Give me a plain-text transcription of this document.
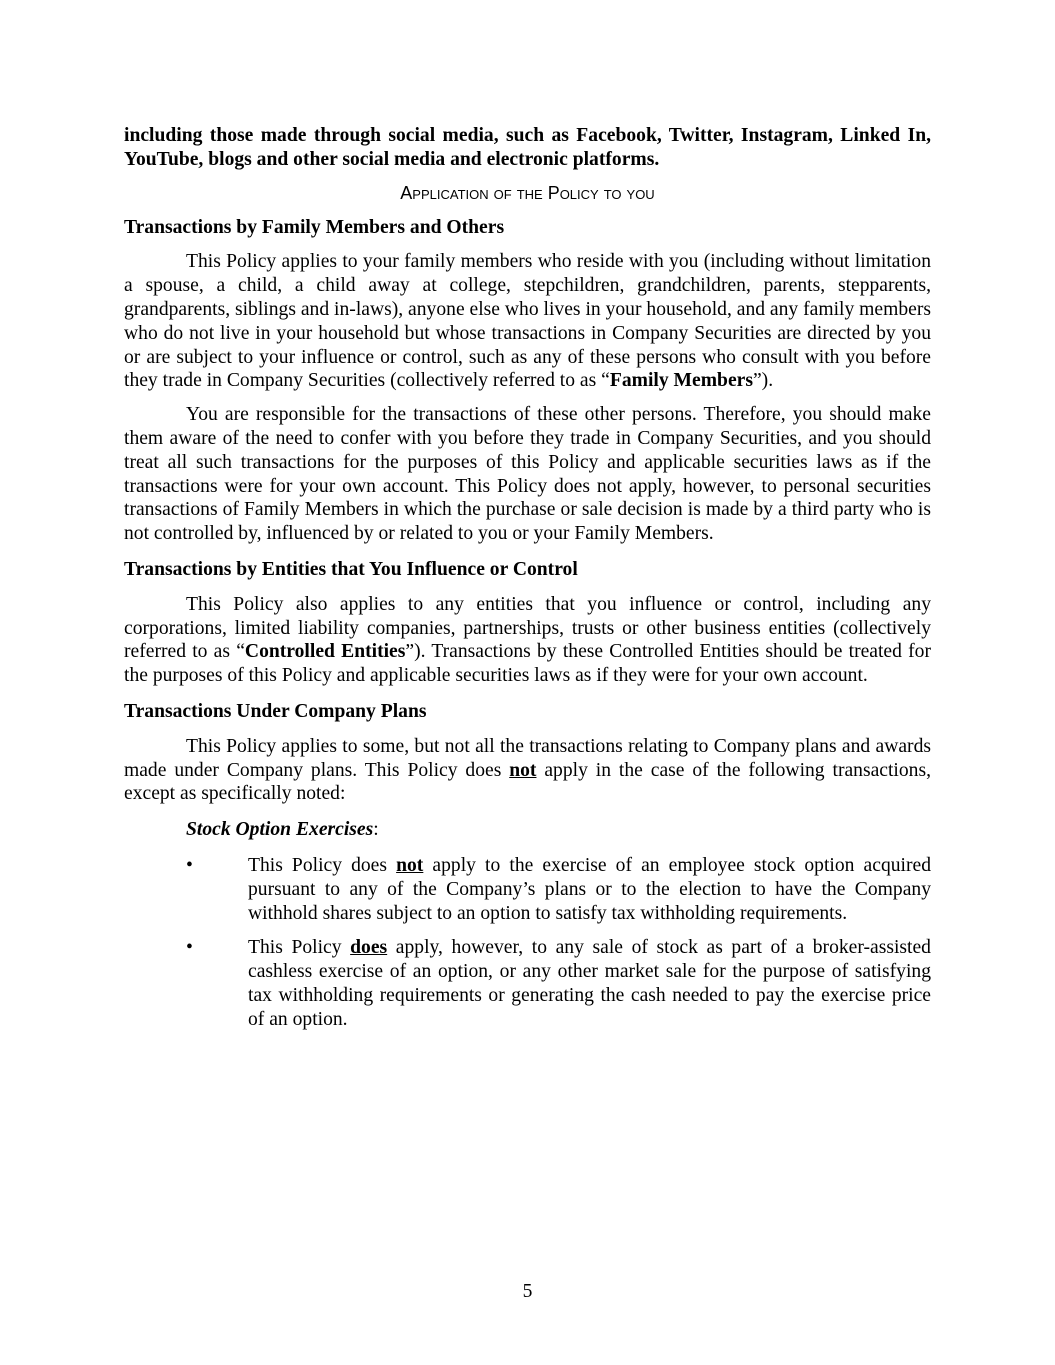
including those made through social media, such as Facebook, Twitter, Instagram, Linked In, YouTube, blogs and other social media and electronic platforms.

Application of the Policy to you
Transactions by Family Members and Others

This Policy applies to your family members who reside with you (including without limitation a spouse, a child, a child away at college, stepchildren, grandchildren, parents, stepparents, grandparents, siblings and in-laws), anyone else who lives in your household, and any family members who do not live in your household but whose transactions in Company Securities are directed by you or are subject to your influence or control, such as any of these persons who consult with you before they trade in Company Securities (collectively referred to as “Family Members”).

You are responsible for the transactions of these other persons. Therefore, you should make them aware of the need to confer with you before they trade in Company Securities, and you should treat all such transactions for the purposes of this Policy and applicable securities laws as if the transactions were for your own account. This Policy does not apply, however, to personal securities transactions of Family Members in which the purchase or sale decision is made by a third party who is not controlled by, influenced by or related to you or your Family Members.

Transactions by Entities that You Influence or Control

This Policy also applies to any entities that you influence or control, including any corporations, limited liability companies, partnerships, trusts or other business entities (collectively referred to as “Controlled Entities”). Transactions by these Controlled Entities should be treated for the purposes of this Policy and applicable securities laws as if they were for your own account.

Transactions Under Company Plans

This Policy applies to some, but not all the transactions relating to Company plans and awards made under Company plans. This Policy does not apply in the case of the following transactions, except as specifically noted:

Stock Option Exercises:
•	This Policy does not apply to the exercise of an employee stock option acquired pursuant to any of the Company’s plans or to the election to have the Company withhold shares subject to an option to satisfy tax withholding requirements.
•	This Policy does apply, however, to any sale of stock as part of a broker-assisted cashless exercise of an option, or any other market sale for the purpose of satisfying tax withholding requirements or generating the cash needed to pay the exercise price of an option.
5
